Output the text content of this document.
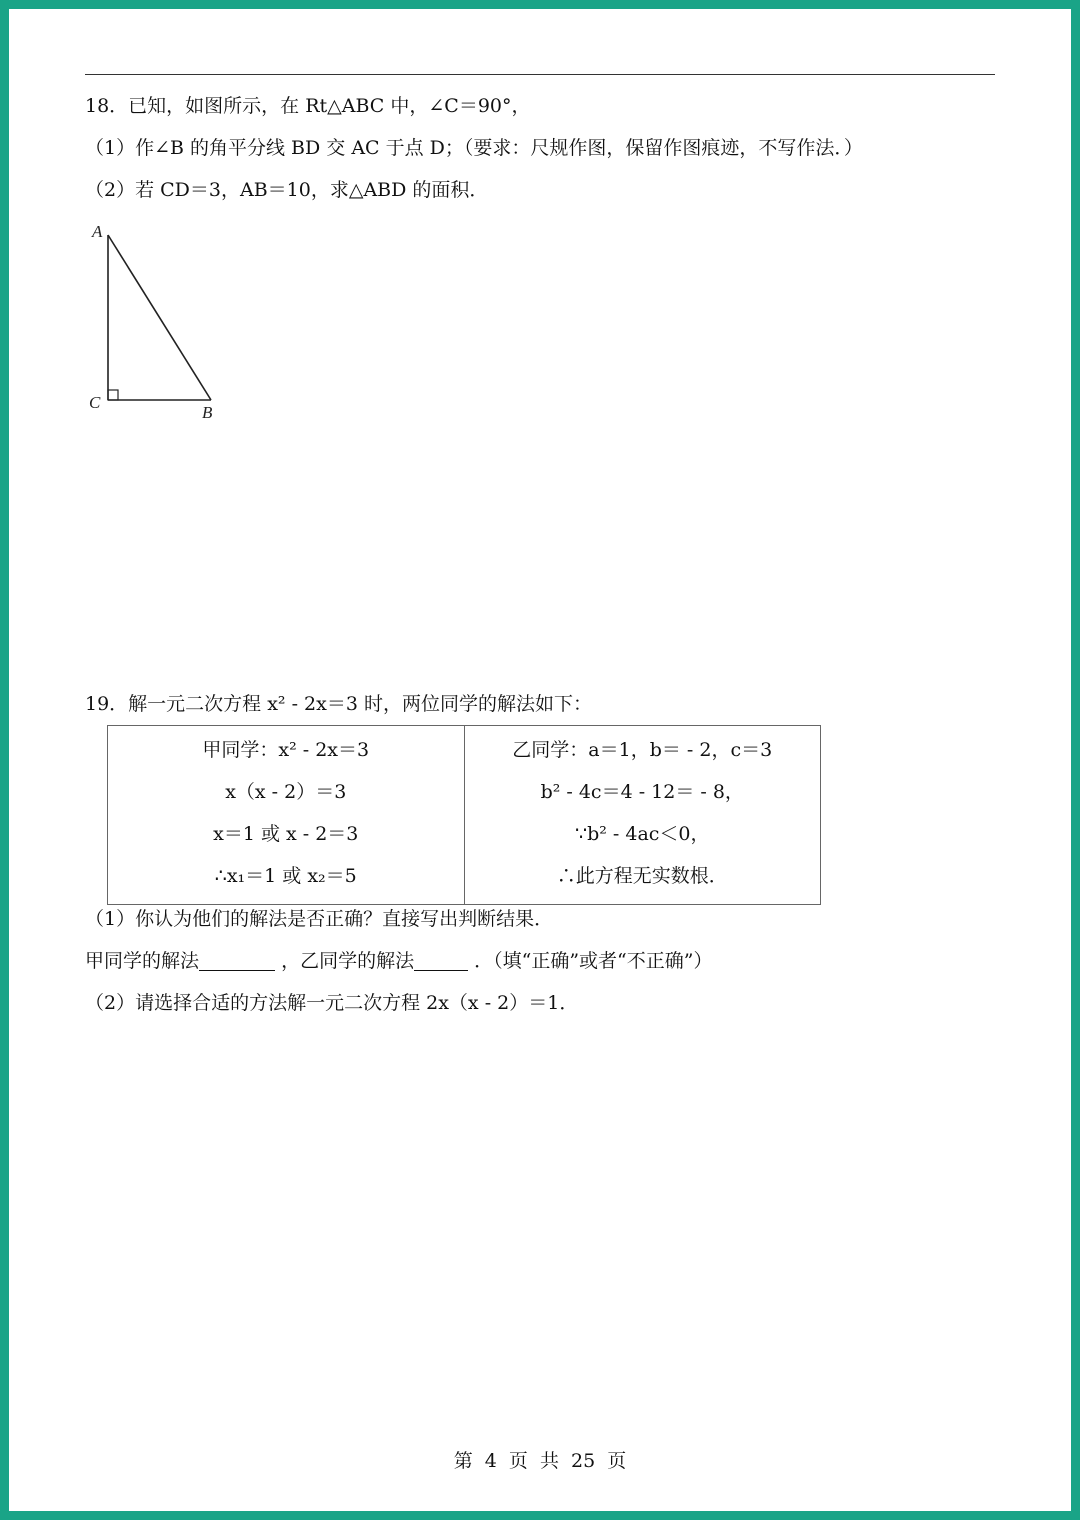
18．已知，如图所示，在 Rt△ABC 中，∠C＝90°，
（1）作∠B 的角平分线 BD 交 AC 于点 D；（要求：尺规作图，保留作图痕迹，不写作法．）
（2）若 CD＝3，AB＝10，求△ABD 的面积．
A
B
C
19．解一元二次方程 x² - 2x＝3 时，两位同学的解法如下：
甲同学：x² - 2x＝3
x（x - 2）＝3
x＝1 或 x - 2＝3
∴x₁＝1 或 x₂＝5

乙同学：a＝1，b＝ - 2，c＝3
b² - 4c＝4 - 12＝ - 8，
∵b² - 4ac＜0，
∴此方程无实数根．
（1）你认为他们的解法是否正确？直接写出判断结果．
甲同学的解法	，乙同学的解法	．（填“正确”或者“不正确”）
（2）请选择合适的方法解一元二次方程 2x（x - 2）＝1．
第 4 页 共 25 页
